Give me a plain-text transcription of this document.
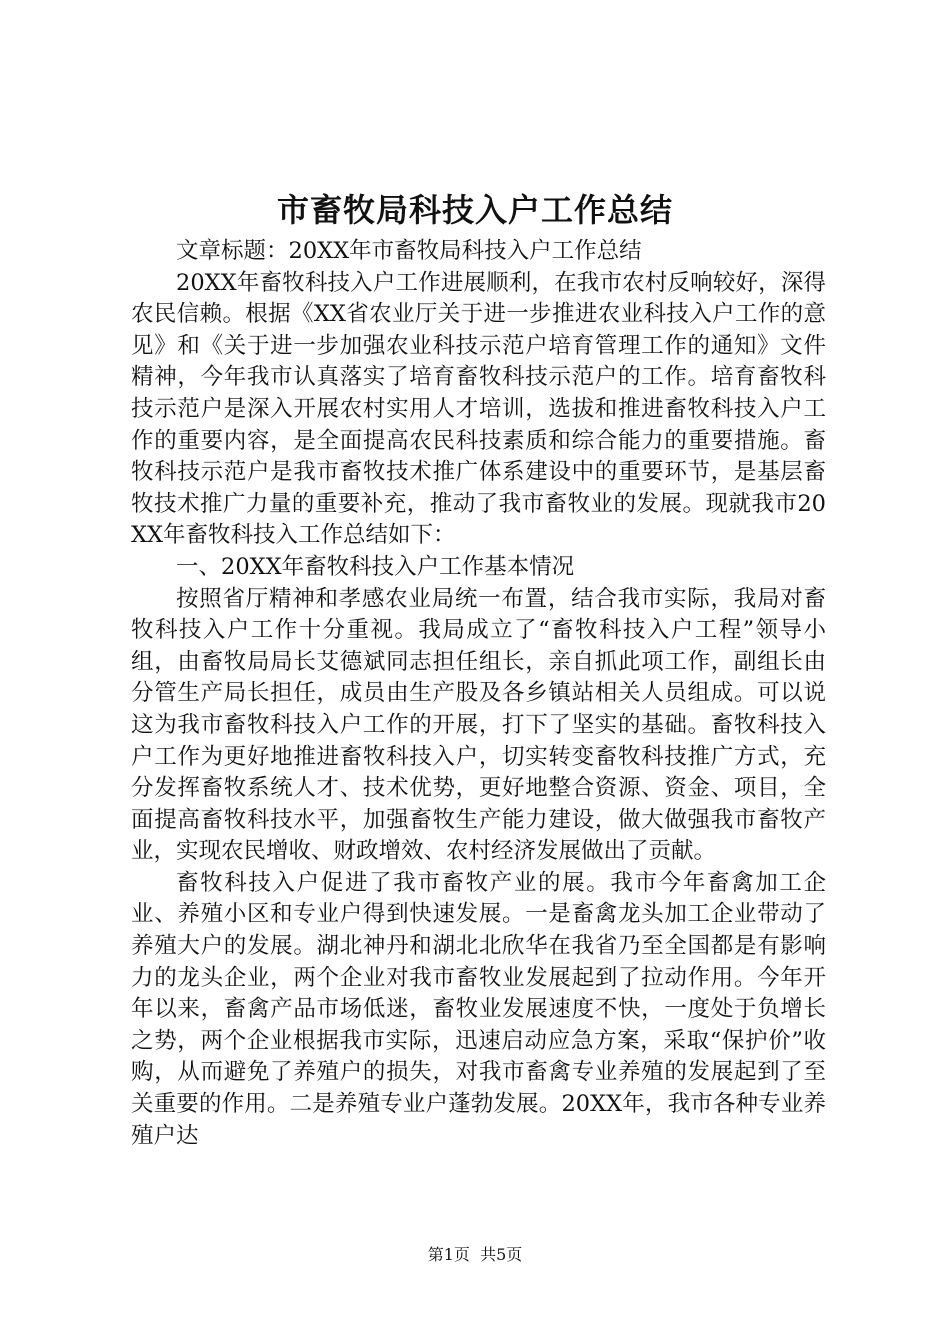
市畜牧局科技入户工作总结

文章标题：20XX年市畜牧局科技入户工作总结

20XX年畜牧科技入户工作进展顺利，在我市农村反响较好，深得农民信赖。根据《XX省农业厅关于进一步推进农业科技入户工作的意见》和《关于进一步加强农业科技示范户培育管理工作的通知》文件精神，今年我市认真落实了培育畜牧科技示范户的工作。培育畜牧科技示范户是深入开展农村实用人才培训，选拔和推进畜牧科技入户工作的重要内容，是全面提高农民科技素质和综合能力的重要措施。畜牧科技示范户是我市畜牧技术推广体系建设中的重要环节，是基层畜牧技术推广力量的重要补充，推动了我市畜牧业的发展。现就我市20XX年畜牧科技入工作总结如下：

一、20XX年畜牧科技入户工作基本情况

按照省厅精神和孝感农业局统一布置，结合我市实际，我局对畜牧科技入户工作十分重视。我局成立了“畜牧科技入户工程”领导小组，由畜牧局局长艾德斌同志担任组长，亲自抓此项工作，副组长由分管生产局长担任，成员由生产股及各乡镇站相关人员组成。可以说这为我市畜牧科技入户工作的开展，打下了坚实的基础。畜牧科技入户工作为更好地推进畜牧科技入户，切实转变畜牧科技推广方式，充分发挥畜牧系统人才、技术优势，更好地整合资源、资金、项目，全面提高畜牧科技水平，加强畜牧生产能力建设，做大做强我市畜牧产业，实现农民增收、财政增效、农村经济发展做出了贡献。

畜牧科技入户促进了我市畜牧产业的展。我市今年畜禽加工企业、养殖小区和专业户得到快速发展。一是畜禽龙头加工企业带动了养殖大户的发展。湖北神丹和湖北北欣华在我省乃至全国都是有影响力的龙头企业，两个企业对我市畜牧业发展起到了拉动作用。今年开年以来，畜禽产品市场低迷，畜牧业发展速度不快，一度处于负增长之势，两个企业根据我市实际，迅速启动应急方案，采取“保护价”收购，从而避免了养殖户的损失，对我市畜禽专业养殖的发展起到了至关重要的作用。二是养殖专业户蓬勃发展。20XX年，我市各种专业养殖户达

第1页 共5页
